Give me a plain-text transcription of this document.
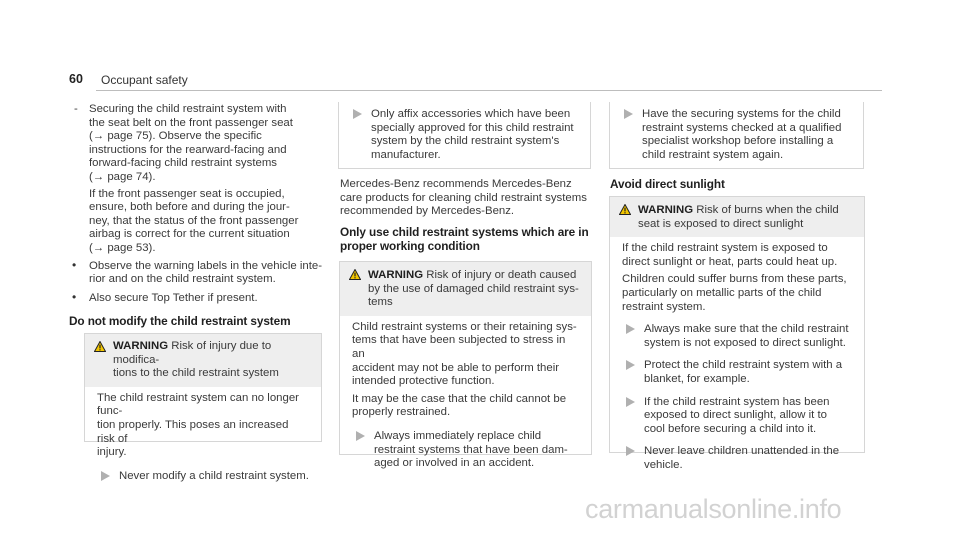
60 Occupant safety
- Securing the child restraint system with
the seat belt on the front passenger seat
(→ page 75). Observe the specific
instructions for the rearward-facing and
forward-facing child restraint systems
(→ page 74).
If the front passenger seat is occupied,
ensure, both before and during the jour-
ney, that the status of the front passenger
airbag is correct for the current situation
(→ page 53).
• Observe the warning labels in the vehicle inte-
rior and on the child restraint system.
• Also secure Top Tether if present.
Do not modify the child restraint system
WARNING Risk of injury due to modifica-
tions to the child restraint system
The child restraint system can no longer func-
tion properly. This poses an increased risk of
injury.
Never modify a child restraint system.
Only affix accessories which have been
specially approved for this child restraint
system by the child restraint system's
manufacturer.
Mercedes-Benz recommends Mercedes-Benz
care products for cleaning child restraint systems
recommended by Mercedes-Benz.
Only use child restraint systems which are in
proper working condition
WARNING Risk of injury or death caused
by the use of damaged child restraint sys-
tems
Child restraint systems or their retaining sys-
tems that have been subjected to stress in an
accident may not be able to perform their
intended protective function.
It may be the case that the child cannot be
properly restrained.
Always immediately replace child
restraint systems that have been dam-
aged or involved in an accident.
Have the securing systems for the child
restraint systems checked at a qualified
specialist workshop before installing a
child restraint system again.
Avoid direct sunlight
WARNING Risk of burns when the child
seat is exposed to direct sunlight
If the child restraint system is exposed to
direct sunlight or heat, parts could heat up.
Children could suffer burns from these parts,
particularly on metallic parts of the child
restraint system.
Always make sure that the child restraint
system is not exposed to direct sunlight.
Protect the child restraint system with a
blanket, for example.
If the child restraint system has been
exposed to direct sunlight, allow it to
cool before securing a child into it.
Never leave children unattended in the
vehicle.
carmanualsonline.info
